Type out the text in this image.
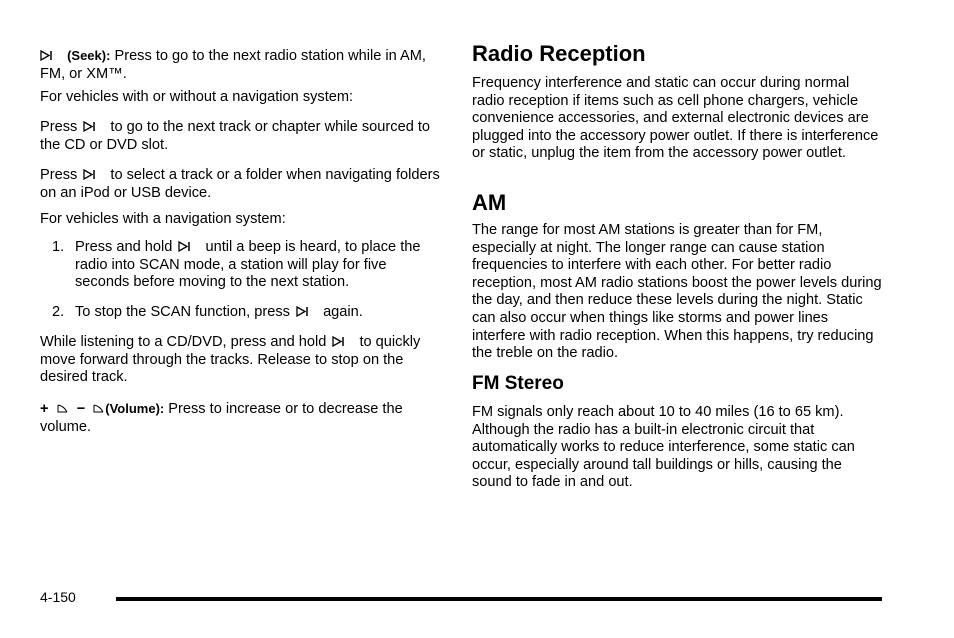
(Seek): Press to go to the next radio station while in AM, FM, or XM™.

For vehicles with or without a navigation system:

Press
to go to the next track or chapter while sourced to the CD or DVD slot.

Press
to select a track or a folder when navigating folders on an iPod or USB device.

For vehicles with a navigation system:

1. Press and hold
until a beep is heard, to place the radio into SCAN mode, a station will play for five seconds before moving to the next station.
2. To stop the SCAN function, press
again.

While listening to a CD/DVD, press and hold
to quickly move forward through the tracks. Release to stop on the desired track.

+ − (Volume): Press to increase or to decrease the volume.

Radio Reception

Frequency interference and static can occur during normal radio reception if items such as cell phone chargers, vehicle convenience accessories, and external electronic devices are plugged into the accessory power outlet. If there is interference or static, unplug the item from the accessory power outlet.

AM

The range for most AM stations is greater than for FM, especially at night. The longer range can cause station frequencies to interfere with each other. For better radio reception, most AM radio stations boost the power levels during the day, and then reduce these levels during the night. Static can also occur when things like storms and power lines interfere with radio reception. When this happens, try reducing the treble on the radio.

FM Stereo

FM signals only reach about 10 to 40 miles (16 to 65 km). Although the radio has a built-in electronic circuit that automatically works to reduce interference, some static can occur, especially around tall buildings or hills, causing the sound to fade in and out.

4-150
